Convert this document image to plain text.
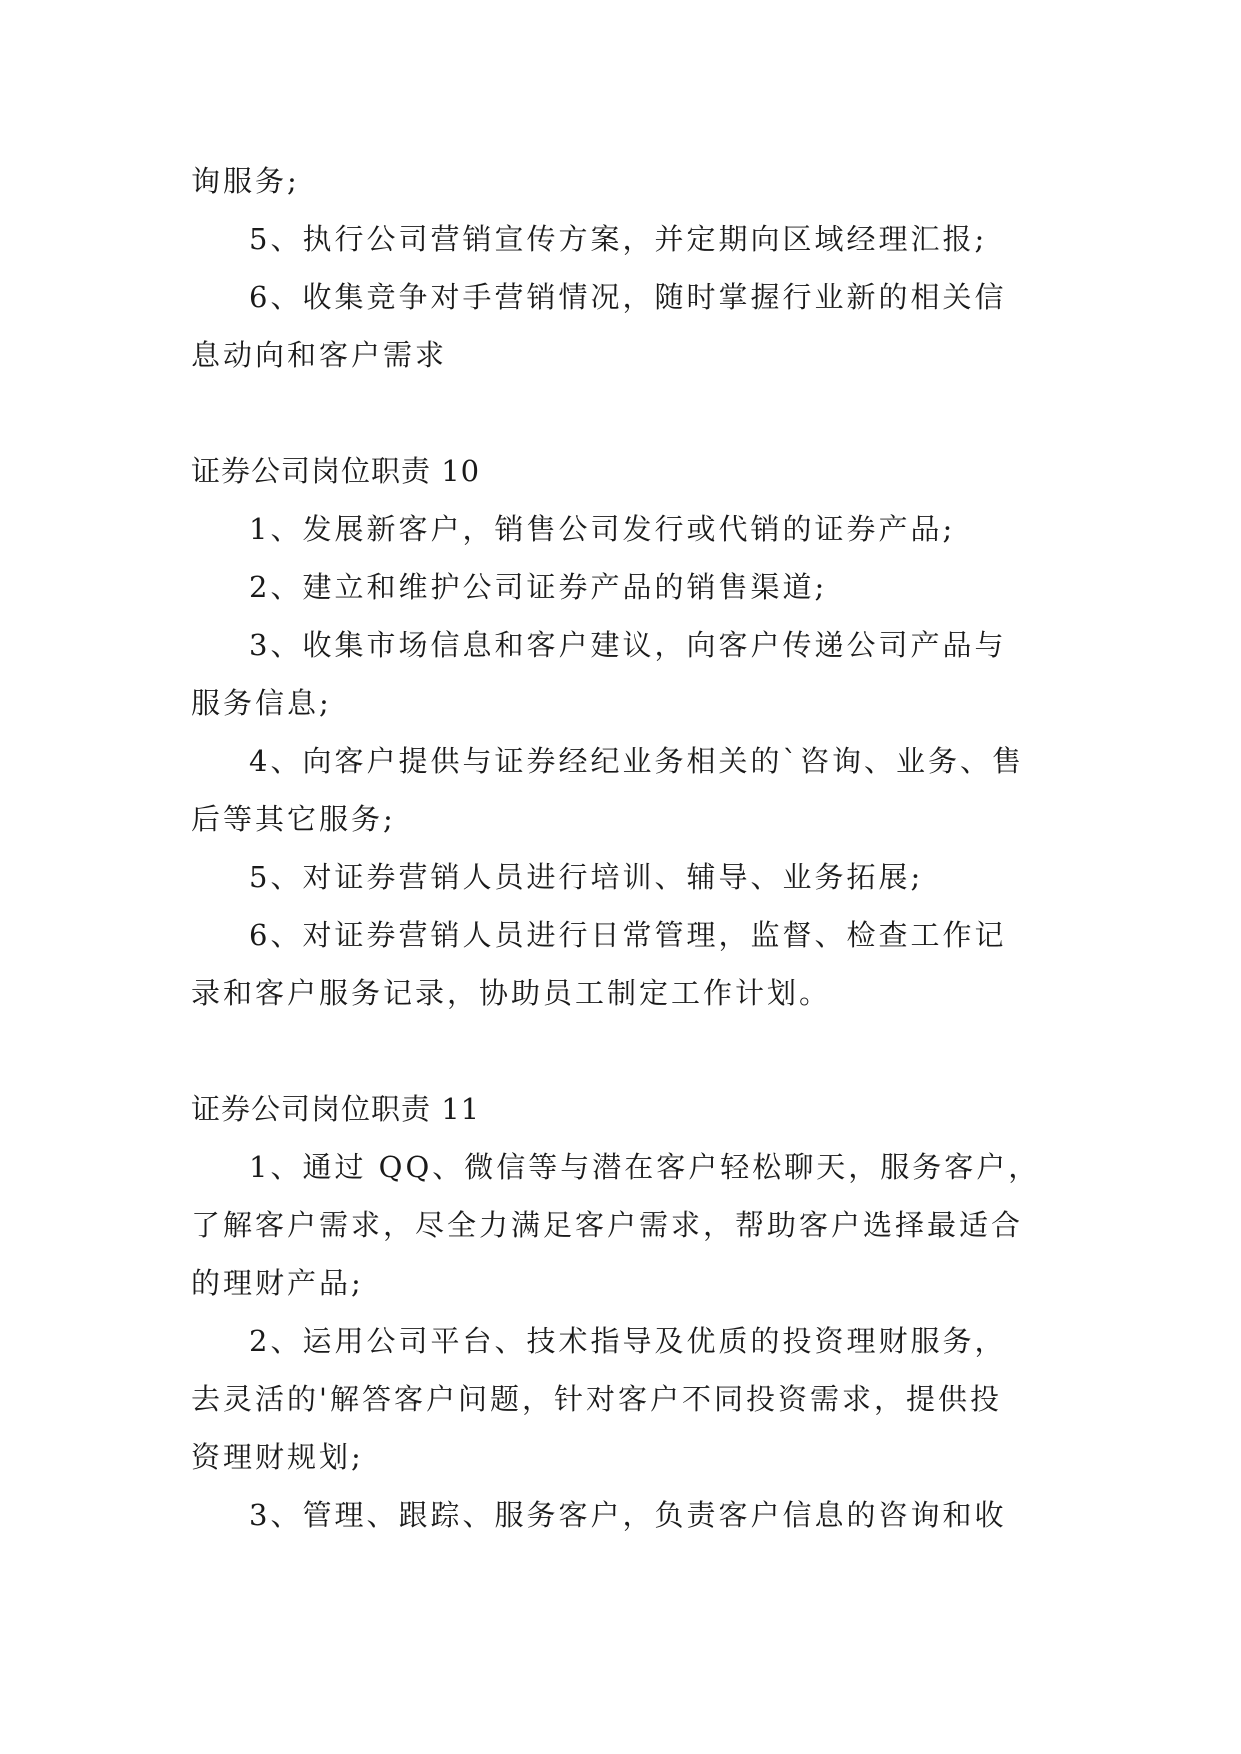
询服务;
5、执行公司营销宣传方案，并定期向区域经理汇报;
6、收集竞争对手营销情况，随时掌握行业新的相关信
息动向和客户需求
证券公司岗位职责 10
1、发展新客户，销售公司发行或代销的证券产品;
2、建立和维护公司证券产品的销售渠道;
3、收集市场信息和客户建议，向客户传递公司产品与
服务信息;
4、向客户提供与证券经纪业务相关的`咨询、业务、售
后等其它服务;
5、对证券营销人员进行培训、辅导、业务拓展;
6、对证券营销人员进行日常管理，监督、检查工作记
录和客户服务记录，协助员工制定工作计划。
证券公司岗位职责 11
1、通过 QQ、微信等与潜在客户轻松聊天，服务客户，
了解客户需求，尽全力满足客户需求，帮助客户选择最适合
的理财产品;
2、运用公司平台、技术指导及优质的投资理财服务，
去灵活的'解答客户问题，针对客户不同投资需求，提供投
资理财规划;
3、管理、跟踪、服务客户，负责客户信息的咨询和收
